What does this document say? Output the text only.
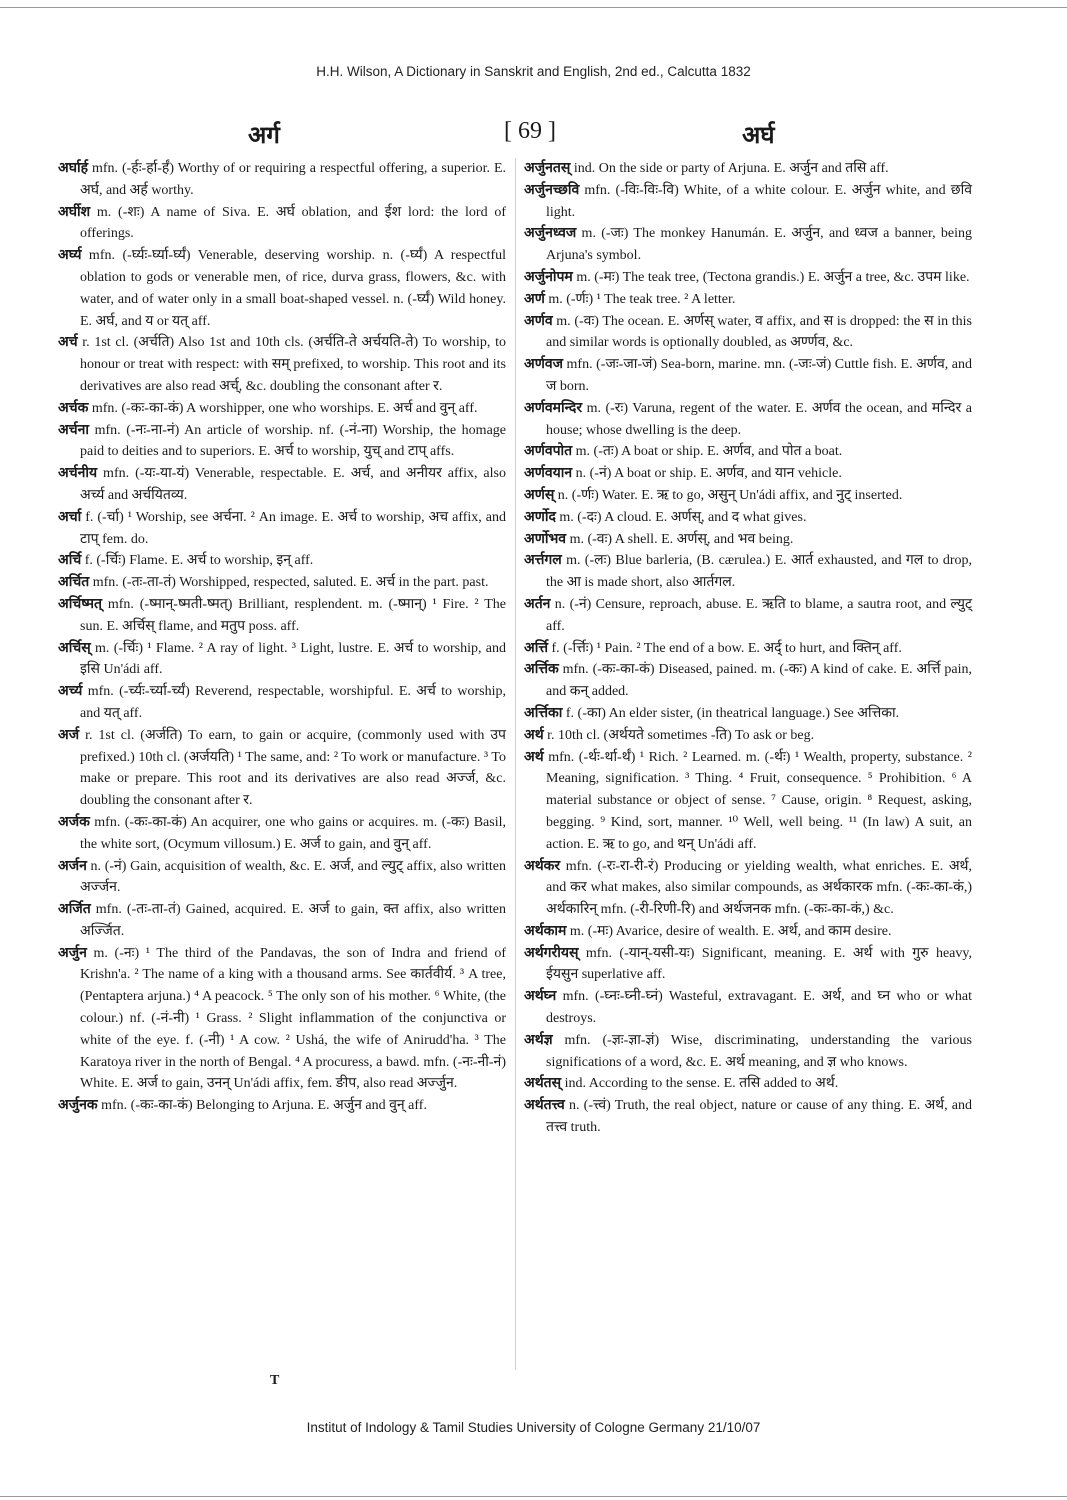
H.H. Wilson, A Dictionary in Sanskrit and English, 2nd ed., Calcutta 1832
अर्ग	[ 69 ]	अर्घ

अर्घार्ह mfn. (-र्हः-र्हा-र्हं) Worthy of or requiring a respectful offering, a superior. E. अर्घ, and अर्ह worthy.

अर्घीश m. (-शः) A name of Siva. E. अर्घ oblation, and ईश lord: the lord of offerings.

अर्घ्य mfn. (-र्घ्यः-र्घ्या-र्घ्यं) Venerable, deserving worship. n. (-र्घ्यं) A respectful oblation to gods or venerable men, of rice, durva grass, flowers, &c. with water, and of water only in a small boat-shaped vessel. n. (-र्घ्यं) Wild honey. E. अर्घ, and य or यत् aff.

अर्च r. 1st cl. (अर्चति) Also 1st and 10th cls. (अर्चति-ते अर्चयति-ते) To worship, to honour or treat with respect: with सम् prefixed, to worship. This root and its derivatives are also read अर्च्, &c. doubling the consonant after र.

अर्चक mfn. (-कः-का-कं) A worshipper, one who worships. E. अर्च and वुन् aff.

अर्चना mfn. (-नः-ना-नं) An article of worship. nf. (-नं-ना) Worship, the homage paid to deities and to superiors. E. अर्च to worship, युच् and टाप् affs.

अर्चनीय mfn. (-यः-या-यं) Venerable, respectable. E. अर्च, and अनीयर affix, also अर्च्य and अर्चयितव्य.

अर्चा f. (-र्चा) ¹ Worship, see अर्चना. ² An image. E. अर्च to worship, अच affix, and टाप् fem. do.

अर्चि f. (-र्चिः) Flame. E. अर्च to worship, इन् aff.

अर्चित mfn. (-तः-ता-तं) Worshipped, respected, saluted. E. अर्च in the part. past.

अर्चिष्मत् mfn. (-ष्मान्-ष्मती-ष्मत्) Brilliant, resplendent. m. (-ष्मान्) ¹ Fire. ² The sun. E. अर्चिस् flame, and मतुप poss. aff.

अर्चिस् m. (-र्चिः) ¹ Flame. ² A ray of light. ³ Light, lustre. E. अर्च to worship, and इसि Un'ádi aff.

अर्च्य mfn. (-र्च्यः-र्च्या-र्च्यं) Reverend, respectable, worshipful. E. अर्च to worship, and यत् aff.

अर्ज r. 1st cl. (अर्जति) To earn, to gain or acquire, (commonly used with उप prefixed.) 10th cl. (अर्जयति) ¹ The same, and: ² To work or manufacture. ³ To make or prepare. This root and its derivatives are also read अर्ज्ज, &c. doubling the consonant after र.

अर्जक mfn. (-कः-का-कं) An acquirer, one who gains or acquires. m. (-कः) Basil, the white sort, (Ocymum villosum.) E. अर्ज to gain, and वुन् aff.

अर्जन n. (-नं) Gain, acquisition of wealth, &c. E. अर्ज, and ल्युट् affix, also written अर्ज्जन.

अर्जित mfn. (-तः-ता-तं) Gained, acquired. E. अर्ज to gain, क्त affix, also written अर्ज्जित.

अर्जुन m. (-नः) ¹ The third of the Pandavas, the son of Indra and friend of Krishn'a. ² The name of a king with a thousand arms. See कार्तवीर्य. ³ A tree, (Pentaptera arjuna.) ⁴ A peacock. ⁵ The only son of his mother. ⁶ White, (the colour.) nf. (-नं-नी) ¹ Grass. ² Slight inflammation of the conjunctiva or white of the eye. f. (-नी) ¹ A cow. ² Ushá, the wife of Anirudd'ha. ³ The Karatoya river in the north of Bengal. ⁴ A procuress, a bawd. mfn. (-नः-नी-नं) White. E. अर्ज to gain, उनन् Un'ádi affix, fem. ङीप, also read अर्ज्जुन.

अर्जुनक mfn. (-कः-का-कं) Belonging to Arjuna. E. अर्जुन and वुन् aff.

अर्जुनतस् ind. On the side or party of Arjuna. E. अर्जुन and तसि aff.

अर्जुनच्छवि mfn. (-विः-विः-वि) White, of a white colour. E. अर्जुन white, and छवि light.

अर्जुनध्वज m. (-जः) The monkey Hanumán. E. अर्जुन, and ध्वज a banner, being Arjuna's symbol.

अर्जुनोपम m. (-मः) The teak tree, (Tectona grandis.) E. अर्जुन a tree, &c. उपम like.

अर्ण m. (-र्णः) ¹ The teak tree. ² A letter.

अर्णव m. (-वः) The ocean. E. अर्णस् water, व affix, and स is dropped: the स in this and similar words is optionally doubled, as अर्ण्णव, &c.

अर्णवज mfn. (-जः-जा-जं) Sea-born, marine. mn. (-जः-जं) Cuttle fish. E. अर्णव, and ज born.

अर्णवमन्दिर m. (-रः) Varuna, regent of the water. E. अर्णव the ocean, and मन्दिर a house; whose dwelling is the deep.

अर्णवपोत m. (-तः) A boat or ship. E. अर्णव, and पोत a boat.

अर्णवयान n. (-नं) A boat or ship. E. अर्णव, and यान vehicle.

अर्णस् n. (-र्णः) Water. E. ऋ to go, असुन् Un'ádi affix, and नुट् inserted.

अर्णोद m. (-दः) A cloud. E. अर्णस्, and द what gives.

अर्णोभव m. (-वः) A shell. E. अर्णस्, and भव being.

अर्त्तगल m. (-लः) Blue barleria, (B. cærulea.) E. आर्त exhausted, and गल to drop, the आ is made short, also आर्तगल.

अर्तन n. (-नं) Censure, reproach, abuse. E. ऋति to blame, a sautra root, and ल्युट् aff.

अर्त्ति f. (-र्त्तिः) ¹ Pain. ² The end of a bow. E. अर्द् to hurt, and क्तिन् aff.

अर्त्तिक mfn. (-कः-का-कं) Diseased, pained. m. (-कः) A kind of cake. E. अर्त्ति pain, and कन् added.

अर्त्तिका f. (-का) An elder sister, (in theatrical language.) See अत्तिका.

अर्थ r. 10th cl. (अर्थयते sometimes -ति) To ask or beg.

अर्थ mfn. (-र्थः-र्था-र्थं) ¹ Rich. ² Learned. m. (-र्थः) ¹ Wealth, property, substance. ² Meaning, signification. ³ Thing. ⁴ Fruit, consequence. ⁵ Prohibition. ⁶ A material substance or object of sense. ⁷ Cause, origin. ⁸ Request, asking, begging. ⁹ Kind, sort, manner. ¹⁰ Well, well being. ¹¹ (In law) A suit, an action. E. ऋ to go, and थन् Un'ádi aff.

अर्थकर mfn. (-रः-रा-री-रं) Producing or yielding wealth, what enriches. E. अर्थ, and कर what makes, also similar compounds, as अर्थकारक mfn. (-कः-का-कं,) अर्थकारिन् mfn. (-री-रिणी-रि) and अर्थजनक mfn. (-कः-का-कं,) &c.

अर्थकाम m. (-मः) Avarice, desire of wealth. E. अर्थ, and काम desire.

अर्थगरीयस् mfn. (-यान्-यसी-यः) Significant, meaning. E. अर्थ with गुरु heavy, ईयसुन superlative aff.

अर्थघ्न mfn. (-घ्नः-घ्नी-घ्नं) Wasteful, extravagant. E. अर्थ, and घ्न who or what destroys.

अर्थज्ञ mfn. (-ज्ञः-ज्ञा-ज्ञं) Wise, discriminating, understanding the various significations of a word, &c. E. अर्थ meaning, and ज्ञ who knows.

अर्थतस् ind. According to the sense. E. तसि added to अर्थ.

अर्थतत्त्व n. (-त्त्वं) Truth, the real object, nature or cause of any thing. E. अर्थ, and तत्त्व truth.

T
Institut of Indology & Tamil Studies University of Cologne Germany 21/10/07
